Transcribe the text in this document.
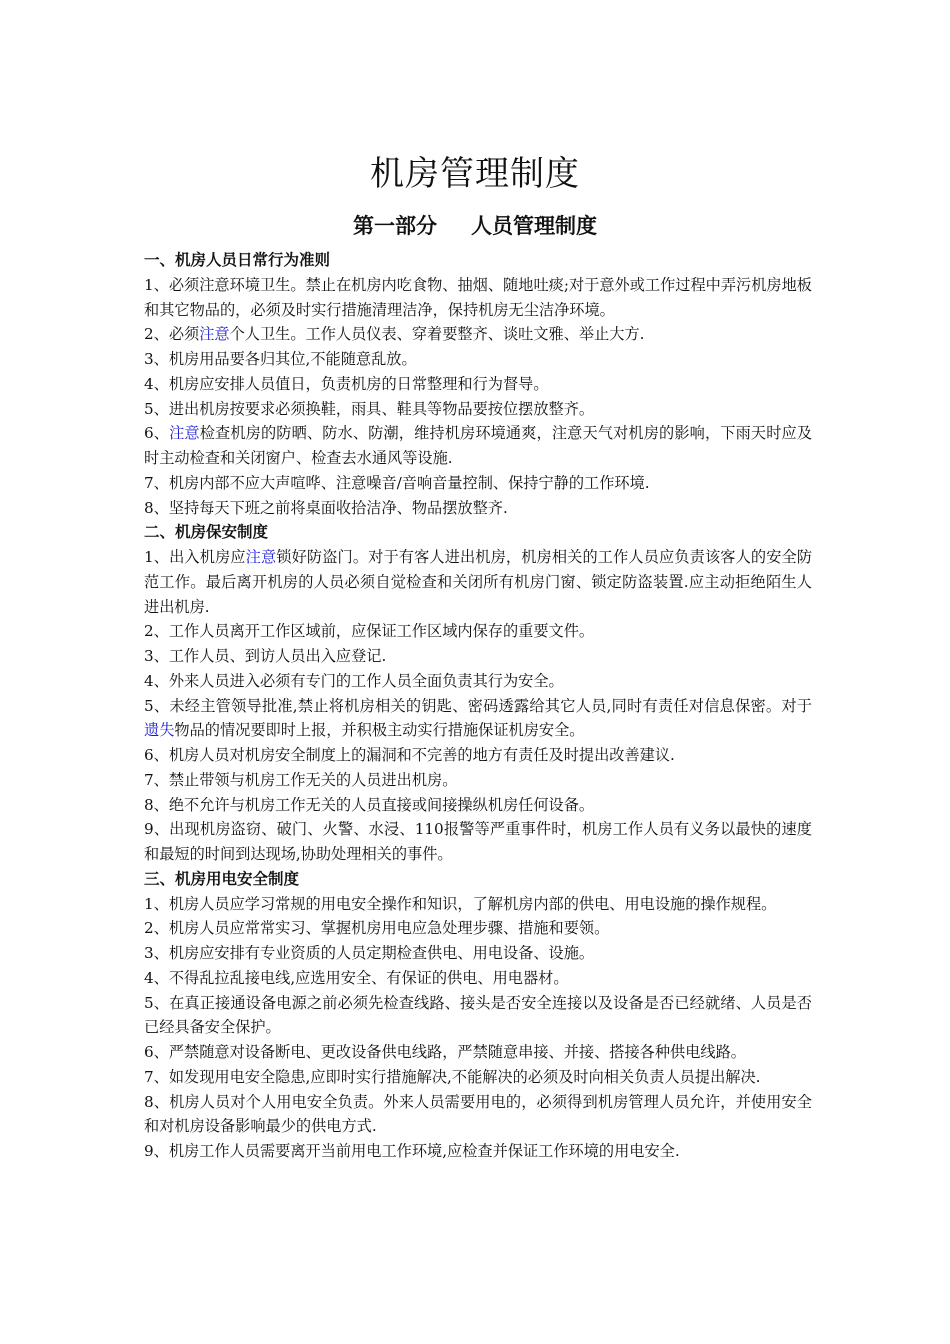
机房管理制度
第一部分 人员管理制度
一、机房人员日常行为准则
1、必须注意环境卫生。禁止在机房内吃食物、抽烟、随地吐痰;对于意外或工作过程中弄污机房地板和其它物品的，必须及时实行措施清理洁净，保持机房无尘洁净环境。
2、必须注意个人卫生。工作人员仪表、穿着要整齐、谈吐文雅、举止大方.
3、机房用品要各归其位,不能随意乱放。
4、机房应安排人员值日，负责机房的日常整理和行为督导。
5、进出机房按要求必须换鞋，雨具、鞋具等物品要按位摆放整齐。
6、注意检查机房的防晒、防水、防潮，维持机房环境通爽，注意天气对机房的影响，下雨天时应及时主动检查和关闭窗户、检查去水通风等设施.
7、机房内部不应大声喧哗、注意噪音/音响音量控制、保持宁静的工作环境.
8、坚持每天下班之前将桌面收拾洁净、物品摆放整齐.
二、机房保安制度
1、出入机房应注意锁好防盗门。对于有客人进出机房，机房相关的工作人员应负责该客人的安全防范工作。最后离开机房的人员必须自觉检查和关闭所有机房门窗、锁定防盗装置.应主动拒绝陌生人进出机房.
2、工作人员离开工作区域前，应保证工作区域内保存的重要文件。
3、工作人员、到访人员出入应登记.
4、外来人员进入必须有专门的工作人员全面负责其行为安全。
5、未经主管领导批准,禁止将机房相关的钥匙、密码透露给其它人员,同时有责任对信息保密。对于遗失物品的情况要即时上报，并积极主动实行措施保证机房安全。
6、机房人员对机房安全制度上的漏洞和不完善的地方有责任及时提出改善建议.
7、禁止带领与机房工作无关的人员进出机房。
8、绝不允许与机房工作无关的人员直接或间接操纵机房任何设备。
9、出现机房盗窃、破门、火警、水浸、110报警等严重事件时，机房工作人员有义务以最快的速度和最短的时间到达现场,协助处理相关的事件。
三、机房用电安全制度
1、机房人员应学习常规的用电安全操作和知识，了解机房内部的供电、用电设施的操作规程。
2、机房人员应常常实习、掌握机房用电应急处理步骤、措施和要领。
3、机房应安排有专业资质的人员定期检查供电、用电设备、设施。
4、不得乱拉乱接电线,应选用安全、有保证的供电、用电器材。
5、在真正接通设备电源之前必须先检查线路、接头是否安全连接以及设备是否已经就绪、人员是否已经具备安全保护。
6、严禁随意对设备断电、更改设备供电线路，严禁随意串接、并接、搭接各种供电线路。
7、如发现用电安全隐患,应即时实行措施解决,不能解决的必须及时向相关负责人员提出解决.
8、机房人员对个人用电安全负责。外来人员需要用电的，必须得到机房管理人员允许，并使用安全和对机房设备影响最少的供电方式.
9、机房工作人员需要离开当前用电工作环境,应检查并保证工作环境的用电安全.
